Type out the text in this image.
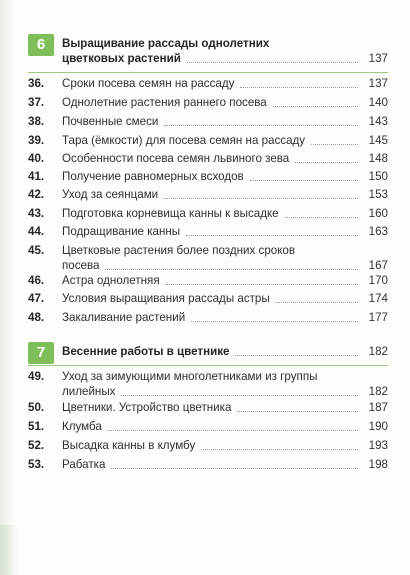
6	Выращивание рассады однолетних
цветковых растений	137
36.	Сроки посева семян на рассаду	137
37.	Однолетние растения раннего посева	140
38.	Почвенные смеси	143
39.	Тара (ёмкости) для посева семян на рассаду	145
40.	Особенности посева семян львиного зева	148
41.	Получение равномерных всходов	150
42.	Уход за сеянцами	153
43.	Подготовка корневища канны к высадке	160
44.	Подращивание канны	163
45.	Цветковые растения более поздних сроков
посева	167
46.	Астра однолетняя	170
47.	Условия выращивания рассады астры	174
48.	Закаливание растений	177
7	Весенние работы в цветнике	182
49.	Уход за зимующими многолетниками из группы
лилейных	182
50.	Цветники. Устройство цветника	187
51.	Клумба	190
52.	Высадка канны в клумбу	193
53.	Рабатка	198
